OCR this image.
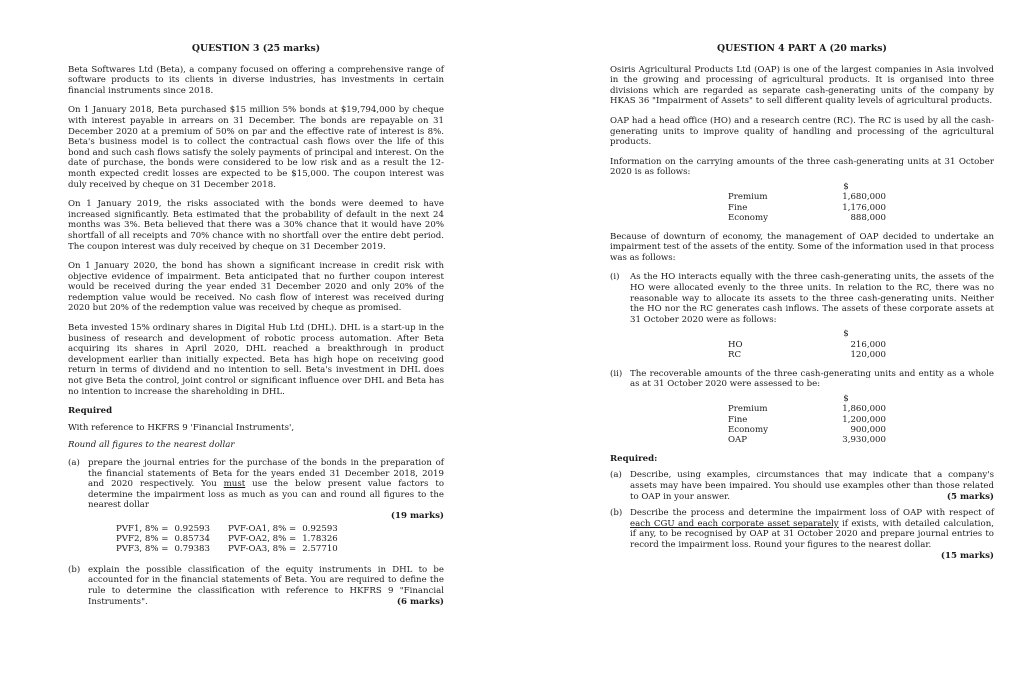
QUESTION 3 (25 marks)

Beta Softwares Ltd (Beta), a company focused on offering a comprehensive range of software products to its clients in diverse industries, has investments in certain financial instruments since 2018.

On 1 January 2018, Beta purchased $15 million 5% bonds at $19,794,000 by cheque with interest payable in arrears on 31 December. The bonds are repayable on 31 December 2020 at a premium of 50% on par and the effective rate of interest is 8%. Beta's business model is to collect the contractual cash flows over the life of this bond and such cash flows satisfy the solely payments of principal and interest. On the date of purchase, the bonds were considered to be low risk and as a result the 12-month expected credit losses are expected to be $15,000. The coupon interest was duly received by cheque on 31 December 2018.

On 1 January 2019, the risks associated with the bonds were deemed to have increased significantly. Beta estimated that the probability of default in the next 24 months was 3%. Beta believed that there was a 30% chance that it would have 20% shortfall of all receipts and 70% chance with no shortfall over the entire debt period. The coupon interest was duly received by cheque on 31 December 2019.

On 1 January 2020, the bond has shown a significant increase in credit risk with objective evidence of impairment. Beta anticipated that no further coupon interest would be received during the year ended 31 December 2020 and only 20% of the redemption value would be received. No cash flow of interest was received during 2020 but 20% of the redemption value was received by cheque as promised.

Beta invested 15% ordinary shares in Digital Hub Ltd (DHL). DHL is a start-up in the business of research and development of robotic process automation. After Beta acquiring its shares in April 2020, DHL reached a breakthrough in product development earlier than initially expected. Beta has high hope on receiving good return in terms of dividend and no intention to sell. Beta's investment in DHL does not give Beta the control, joint control or significant influence over DHL and Beta has no intention to increase the shareholding in DHL.

Required

With reference to HKFRS 9 'Financial Instruments',

Round all figures to the nearest dollar

(a) prepare the journal entries for the purchase of the bonds in the preparation of the financial statements of Beta for the years ended 31 December 2018, 2019 and 2020 respectively. You must use the below present value factors to determine the impairment loss as much as you can and round all figures to the nearest dollar
(19 marks)
PVF1, 8% =	0.92593	PVF-OA1, 8% =	0.92593
PVF2, 8% =	0.85734	PVF-OA2, 8% =	1.78326
PVF3, 8% =	0.79383	PVF-OA3, 8% =	2.57710
(b) explain the possible classification of the equity instruments in DHL to be accounted for in the financial statements of Beta. You are required to define the rule to determine the classification with reference to HKFRS 9 "Financial Instruments".	(6 marks)
QUESTION 4 PART A (20 marks)

Osiris Agricultural Products Ltd (OAP) is one of the largest companies in Asia involved in the growing and processing of agricultural products. It is organised into three divisions which are regarded as separate cash-generating units of the company by HKAS 36 "Impairment of Assets" to sell different quality levels of agricultural products.

OAP had a head office (HO) and a research centre (RC). The RC is used by all the cash-generating units to improve quality of handling and processing of the agricultural products.

Information on the carrying amounts of the three cash-generating units at 31 October 2020 is as follows:

	$
Premium	1,680,000
Fine	1,176,000
Economy	888,000

Because of downturn of economy, the management of OAP decided to undertake an impairment test of the assets of the entity. Some of the information used in that process was as follows:

(i)	As the HO interacts equally with the three cash-generating units, the assets of the HO were allocated evenly to the three units. In relation to the RC, there was no reasonable way to allocate its assets to the three cash-generating units. Neither the HO nor the RC generates cash inflows. The assets of these corporate assets at 31 October 2020 were as follows:
	$
HO	216,000
RC	120,000
(ii) The recoverable amounts of the three cash-generating units and entity as a whole as at 31 October 2020 were assessed to be:
	$
Premium	1,860,000
Fine	1,200,000
Economy	900,000
OAP	3,930,000
Required:
(a) Describe, using examples, circumstances that may indicate that a company's assets may have been impaired. You should use examples other than those related to OAP in your answer.	(5 marks)
(b) Describe the process and determine the impairment loss of OAP with respect of each CGU and each corporate asset separately if exists, with detailed calculation, if any, to be recognised by OAP at 31 October 2020 and prepare journal entries to record the impairment loss. Round your figures to the nearest dollar.
(15 marks)
